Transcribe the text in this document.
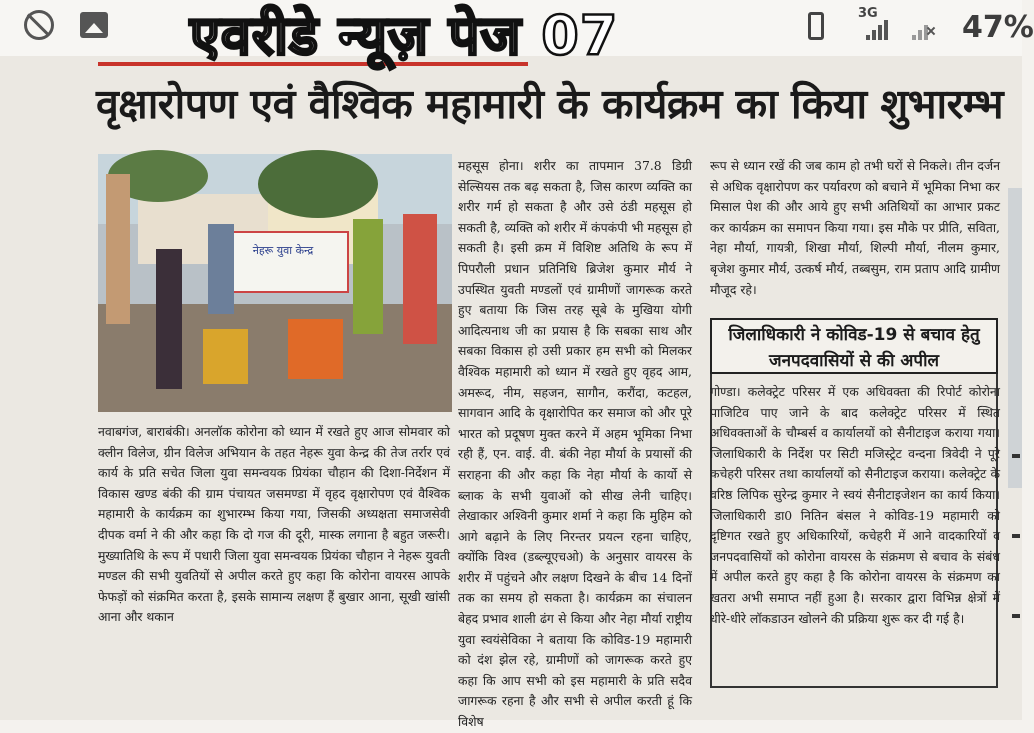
3G	47%
वृक्षारोपण एवं वैश्विक महामारी के कार्यक्रम का किया शुभारम्भ
नेहरू युवा केन्द्र
नवाबगंज, बाराबंकी। अनलॉक कोरोना को ध्यान में रखते हुए आज सोमवार को क्लीन विलेज, ग्रीन विलेज अभियान के तहत नेहरू युवा केन्द्र की तेज तर्रार एवं कार्य के प्रति सचेत जिला युवा समन्वयक प्रियंका चौहान की दिशा-निर्देशन में विकास खण्ड बंकी की ग्राम पंचायत जसमण्डा में वृहद वृक्षारोपण एवं वैश्विक महामारी के कार्यक्रम का शुभारम्भ किया गया, जिसकी अध्यक्षता समाजसेवी दीपक वर्मा ने की और कहा कि दो गज की दूरी, मास्क लगाना है बहुत जरूरी। मुख्यातिथि के रूप में पधारी जिला युवा समन्वयक प्रियंका चौहान ने नेहरू युवती मण्डल की सभी युवतियों से अपील करते हुए कहा कि कोरोना वायरस आपके फेफड़ों को संक्रमित करता है, इसके सामान्य लक्षण हैं बुखार आना, सूखी खांसी आना और थकान
महसूस होना। शरीर का तापमान 37.8 डिग्री सेल्सियस तक बढ़ सकता है, जिस कारण व्यक्ति का शरीर गर्म हो सकता है और उसे ठंडी महसूस हो सकती है, व्यक्ति को शरीर में कंपकंपी भी महसूस हो सकती है। इसी क्रम में विशिष्ट अतिथि के रूप में पिपरौली प्रधान प्रतिनिधि ब्रिजेश कुमार मौर्य ने उपस्थित युवती मण्डलों एवं ग्रामीणों जागरूक करते हुए बताया कि जिस तरह सूबे के मुखिया योगी आदित्यनाथ जी का प्रयास है कि सबका साथ और सबका विकास हो उसी प्रकार हम सभी को मिलकर वैश्विक महामारी को ध्यान में रखते हुए वृहद आम, अमरूद, नीम, सहजन, सागौन, करौंदा, कटहल, सागवान आदि के वृक्षारोपित कर समाज को और पूरे भारत को प्रदूषण मुक्त करने में अहम भूमिका निभा रही हैं, एन. वाई. वी. बंकी नेहा मौर्या के प्रयासों की सराहना की और कहा कि नेहा मौर्या के कार्यो से ब्लाक के सभी युवाओं को सीख लेनी चाहिए। लेखाकार अश्विनी कुमार शर्मा ने कहा कि मुहिम को आगे बढ़ाने के लिए निरन्तर प्रयत्न रहना चाहिए, क्योंकि विश्व (डब्ल्यूएचओ) के अनुसार वायरस के शरीर में पहुंचने और लक्षण दिखने के बीच 14 दिनों तक का समय हो सकता है। कार्यक्रम का संचालन बेहद प्रभाव शाली ढंग से किया और नेहा मौर्या राष्ट्रीय युवा स्वयंसेविका ने बताया कि कोविड-19 महामारी को दंश झेल रहे, ग्रामीणों को जागरूक करते हुए कहा कि आप सभी को इस महामारी के प्रति सदैव जागरूक रहना है और सभी से अपील करती हूं कि विशेष
रूप से ध्यान रखें की जब काम हो तभी घरों से निकले। तीन दर्जन से अधिक वृक्षारोपण कर पर्यावरण को बचाने में भूमिका निभा कर मिसाल पेश की और आये हुए सभी अतिथियों का आभार प्रकट कर कार्यक्रम का समापन किया गया। इस मौके पर प्रीति, सविता, नेहा मौर्या, गायत्री, शिखा मौर्या, शिल्पी मौर्या, नीलम कुमार, बृजेश कुमार मौर्य, उत्कर्ष मौर्य, तब्बसुम, राम प्रताप आदि ग्रामीण मौजूद रहे।
जिलाधिकारी ने कोविड-19 से बचाव हेतु जनपदवासियों से की अपील
गोण्डा। कलेक्ट्रेट परिसर में एक अधिवक्ता की रिपोर्ट कोरोना पाजिटिव पाए जाने के बाद कलेक्ट्रेट परिसर में स्थित अधिवक्ताओं के चौम्बर्स व कार्यालयों को सैनीटाइज कराया गया। जिलाधिकारी के निर्देश पर सिटी मजिस्ट्रेट वन्दना त्रिवेदी ने पूरे कचेहरी परिसर तथा कार्यालयों को सैनीटाइज कराया। कलेक्ट्रेट के वरिष्ठ लिपिक सुरेन्द्र कुमार ने स्वयं सैनीटाइजेशन का कार्य किया। जिलाधिकारी डा0 नितिन बंसल ने कोविड-19 महामारी को दृष्टिगत रखते हुए अधिकारियों, कचेहरी में आने वादकारियों व जनपदवासियों को कोरोना वायरस के संक्रमण से बचाव के संबंध में अपील करते हुए कहा है कि कोरोना वायरस के संक्रमण का खतरा अभी समाप्त नहीं हुआ है। सरकार द्वारा विभिन्न क्षेत्रों में धीरे-धीरे लॉकडाउन खोलने की प्रक्रिया शुरू कर दी गई है।
एवरीडे न्यूज़ पेज 07
